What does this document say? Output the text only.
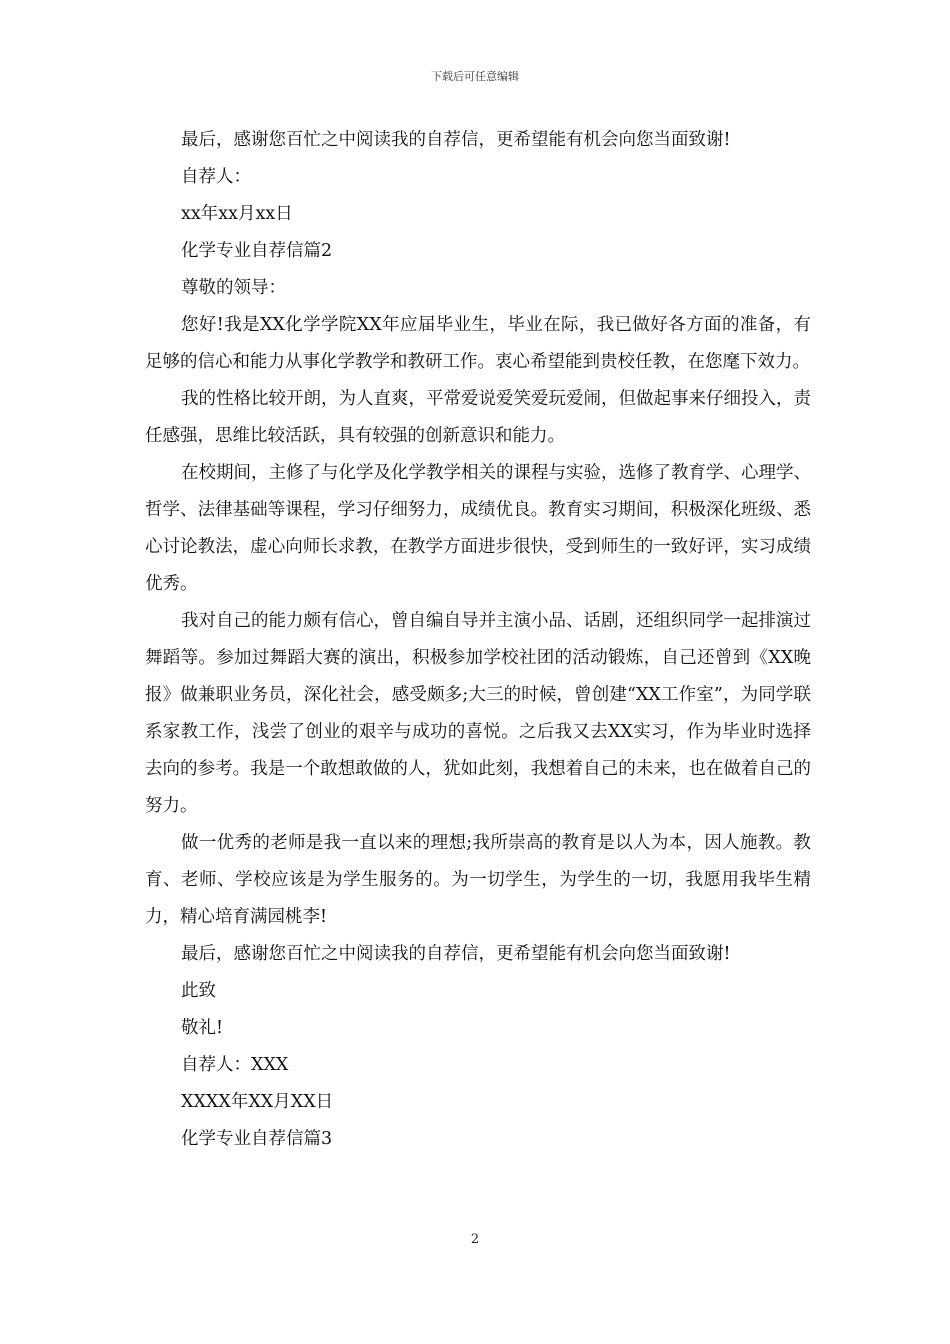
下载后可任意编辑

最后，感谢您百忙之中阅读我的自荐信，更希望能有机会向您当面致谢!

自荐人：

xx年xx月xx日

化学专业自荐信篇2

尊敬的领导：

您好!我是XX化学学院XX年应届毕业生，毕业在际，我已做好各方面的准备，有足够的信心和能力从事化学教学和教研工作。衷心希望能到贵校任教，在您麾下效力。

我的性格比较开朗，为人直爽，平常爱说爱笑爱玩爱闹，但做起事来仔细投入，责任感强，思维比较活跃，具有较强的创新意识和能力。

在校期间，主修了与化学及化学教学相关的课程与实验，选修了教育学、心理学、哲学、法律基础等课程，学习仔细努力，成绩优良。教育实习期间，积极深化班级、悉心讨论教法，虚心向师长求教，在教学方面进步很快，受到师生的一致好评，实习成绩优秀。

我对自己的能力颇有信心，曾自编自导并主演小品、话剧，还组织同学一起排演过舞蹈等。参加过舞蹈大赛的演出，积极参加学校社团的活动锻炼，自己还曾到《XX晚报》做兼职业务员，深化社会，感受颇多;大三的时候，曾创建“XX工作室”，为同学联系家教工作，浅尝了创业的艰辛与成功的喜悦。之后我又去XX实习，作为毕业时选择去向的参考。我是一个敢想敢做的人，犹如此刻，我想着自己的未来，也在做着自己的努力。

做一优秀的老师是我一直以来的理想;我所崇高的教育是以人为本，因人施教。教育、老师、学校应该是为学生服务的。为一切学生，为学生的一切，我愿用我毕生精力，精心培育满园桃李!

最后，感谢您百忙之中阅读我的自荐信，更希望能有机会向您当面致谢!

此致

敬礼!

自荐人：XXX

XXXX年XX月XX日

化学专业自荐信篇3

2
